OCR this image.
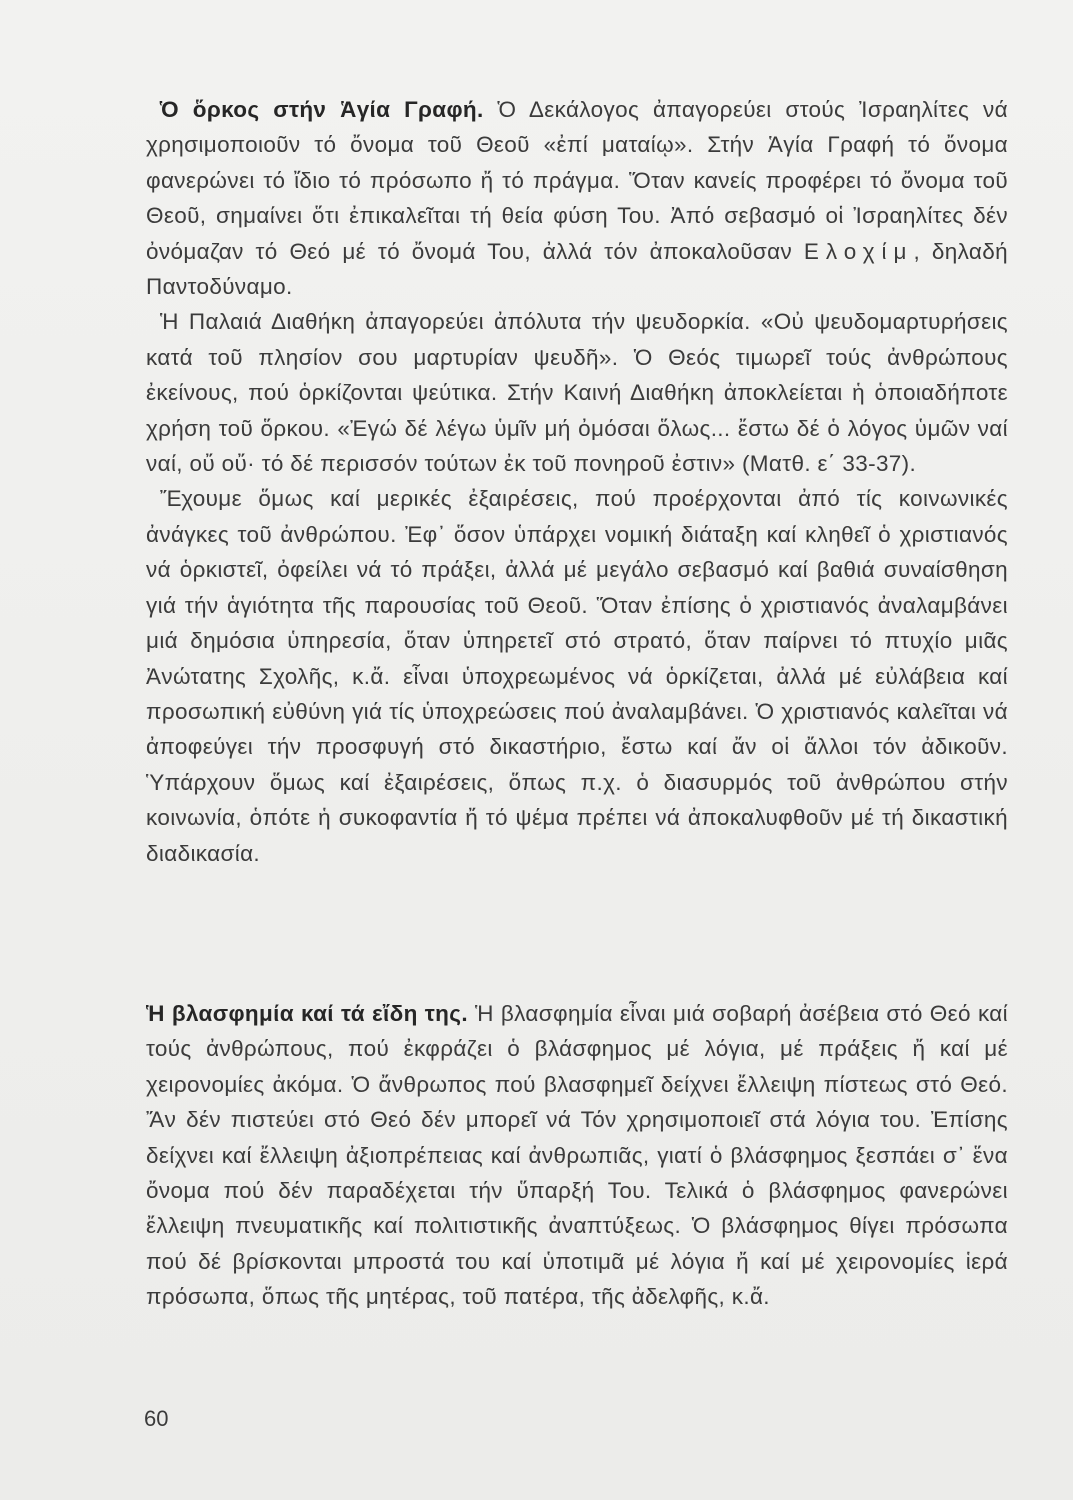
Ὁ ὅρκος στήν Ἁγία Γραφή. Ὁ Δεκάλογος ἀπαγορεύει στούς Ἰσραηλίτες νά χρησιμοποιοῦν τό ὄνομα τοῦ Θεοῦ «ἐπί ματαίῳ». Στήν Ἁγία Γραφή τό ὄνομα φανερώνει τό ἴδιο τό πρόσωπο ἤ τό πράγμα. Ὅταν κανείς προφέρει τό ὄνομα τοῦ Θεοῦ, σημαίνει ὅτι ἐπικαλεῖται τή θεία φύση Του. Ἀπό σεβασμό οἱ Ἰσραηλίτες δέν ὀνόμαζαν τό Θεό μέ τό ὄνομά Του, ἀλλά τόν ἀποκαλοῦσαν Ελοχίμ, δηλαδή Παντοδύναμο.

Ἡ Παλαιά Διαθήκη ἀπαγορεύει ἀπόλυτα τήν ψευδορκία. «Οὐ ψευδομαρτυρήσεις κατά τοῦ πλησίον σου μαρτυρίαν ψευδῆ». Ὁ Θεός τιμωρεῖ τούς ἀνθρώπους ἐκείνους, πού ὁρκίζονται ψεύτικα. Στήν Καινή Διαθήκη ἀποκλείεται ἡ ὁποιαδήποτε χρήση τοῦ ὅρκου. «Ἐγώ δέ λέγω ὑμῖν μή ὀμόσαι ὅλως... ἔστω δέ ὁ λόγος ὑμῶν ναί ναί, οὔ οὔ· τό δέ περισσόν τούτων ἐκ τοῦ πονηροῦ ἐστιν» (Ματθ. ε΄ 33-37).

Ἔχουμε ὅμως καί μερικές ἐξαιρέσεις, πού προέρχονται ἀπό τίς κοινωνικές ἀνάγκες τοῦ ἀνθρώπου. Ἐφ᾽ ὅσον ὑπάρχει νομική διάταξη καί κληθεῖ ὁ χριστιανός νά ὁρκιστεῖ, ὀφείλει νά τό πράξει, ἀλλά μέ μεγάλο σεβασμό καί βαθιά συναίσθηση γιά τήν ἁγιότητα τῆς παρουσίας τοῦ Θεοῦ. Ὅταν ἐπίσης ὁ χριστιανός ἀναλαμβάνει μιά δημόσια ὑπηρεσία, ὅταν ὑπηρετεῖ στό στρατό, ὅταν παίρνει τό πτυχίο μιᾶς Ἀνώτατης Σχολῆς, κ.ἄ. εἶναι ὑποχρεωμένος νά ὁρκίζεται, ἀλλά μέ εὐλάβεια καί προσωπική εὐθύνη γιά τίς ὑποχρεώσεις πού ἀναλαμβάνει. Ὁ χριστιανός καλεῖται νά ἀποφεύγει τήν προσφυγή στό δικαστήριο, ἔστω καί ἄν οἱ ἄλλοι τόν ἀδικοῦν. Ὑπάρχουν ὅμως καί ἐξαιρέσεις, ὅπως π.χ. ὁ διασυρμός τοῦ ἀνθρώπου στήν κοινωνία, ὁπότε ἡ συκοφαντία ἤ τό ψέμα πρέπει νά ἀποκαλυφθοῦν μέ τή δικαστική διαδικασία.

Ἡ βλασφημία καί τά εἴδη της. Ἡ βλασφημία εἶναι μιά σοβαρή ἀσέβεια στό Θεό καί τούς ἀνθρώπους, πού ἐκφράζει ὁ βλάσφημος μέ λόγια, μέ πράξεις ἤ καί μέ χειρονομίες ἀκόμα. Ὁ ἄνθρωπος πού βλασφημεῖ δείχνει ἔλλειψη πίστεως στό Θεό. Ἄν δέν πιστεύει στό Θεό δέν μπορεῖ νά Τόν χρησιμοποιεῖ στά λόγια του. Ἐπίσης δείχνει καί ἔλλειψη ἀξιοπρέπειας καί ἀνθρωπιᾶς, γιατί ὁ βλάσφημος ξεσπάει σ᾽ ἕνα ὄνομα πού δέν παραδέχεται τήν ὕπαρξή Του. Τελικά ὁ βλάσφημος φανερώνει ἔλλειψη πνευματικῆς καί πολιτιστικῆς ἀναπτύξεως. Ὁ βλάσφημος θίγει πρόσωπα πού δέ βρίσκονται μπροστά του καί ὑποτιμᾶ μέ λόγια ἤ καί μέ χειρονομίες ἱερά πρόσωπα, ὅπως τῆς μητέρας, τοῦ πατέρα, τῆς ἀδελφῆς, κ.ἄ.

60
